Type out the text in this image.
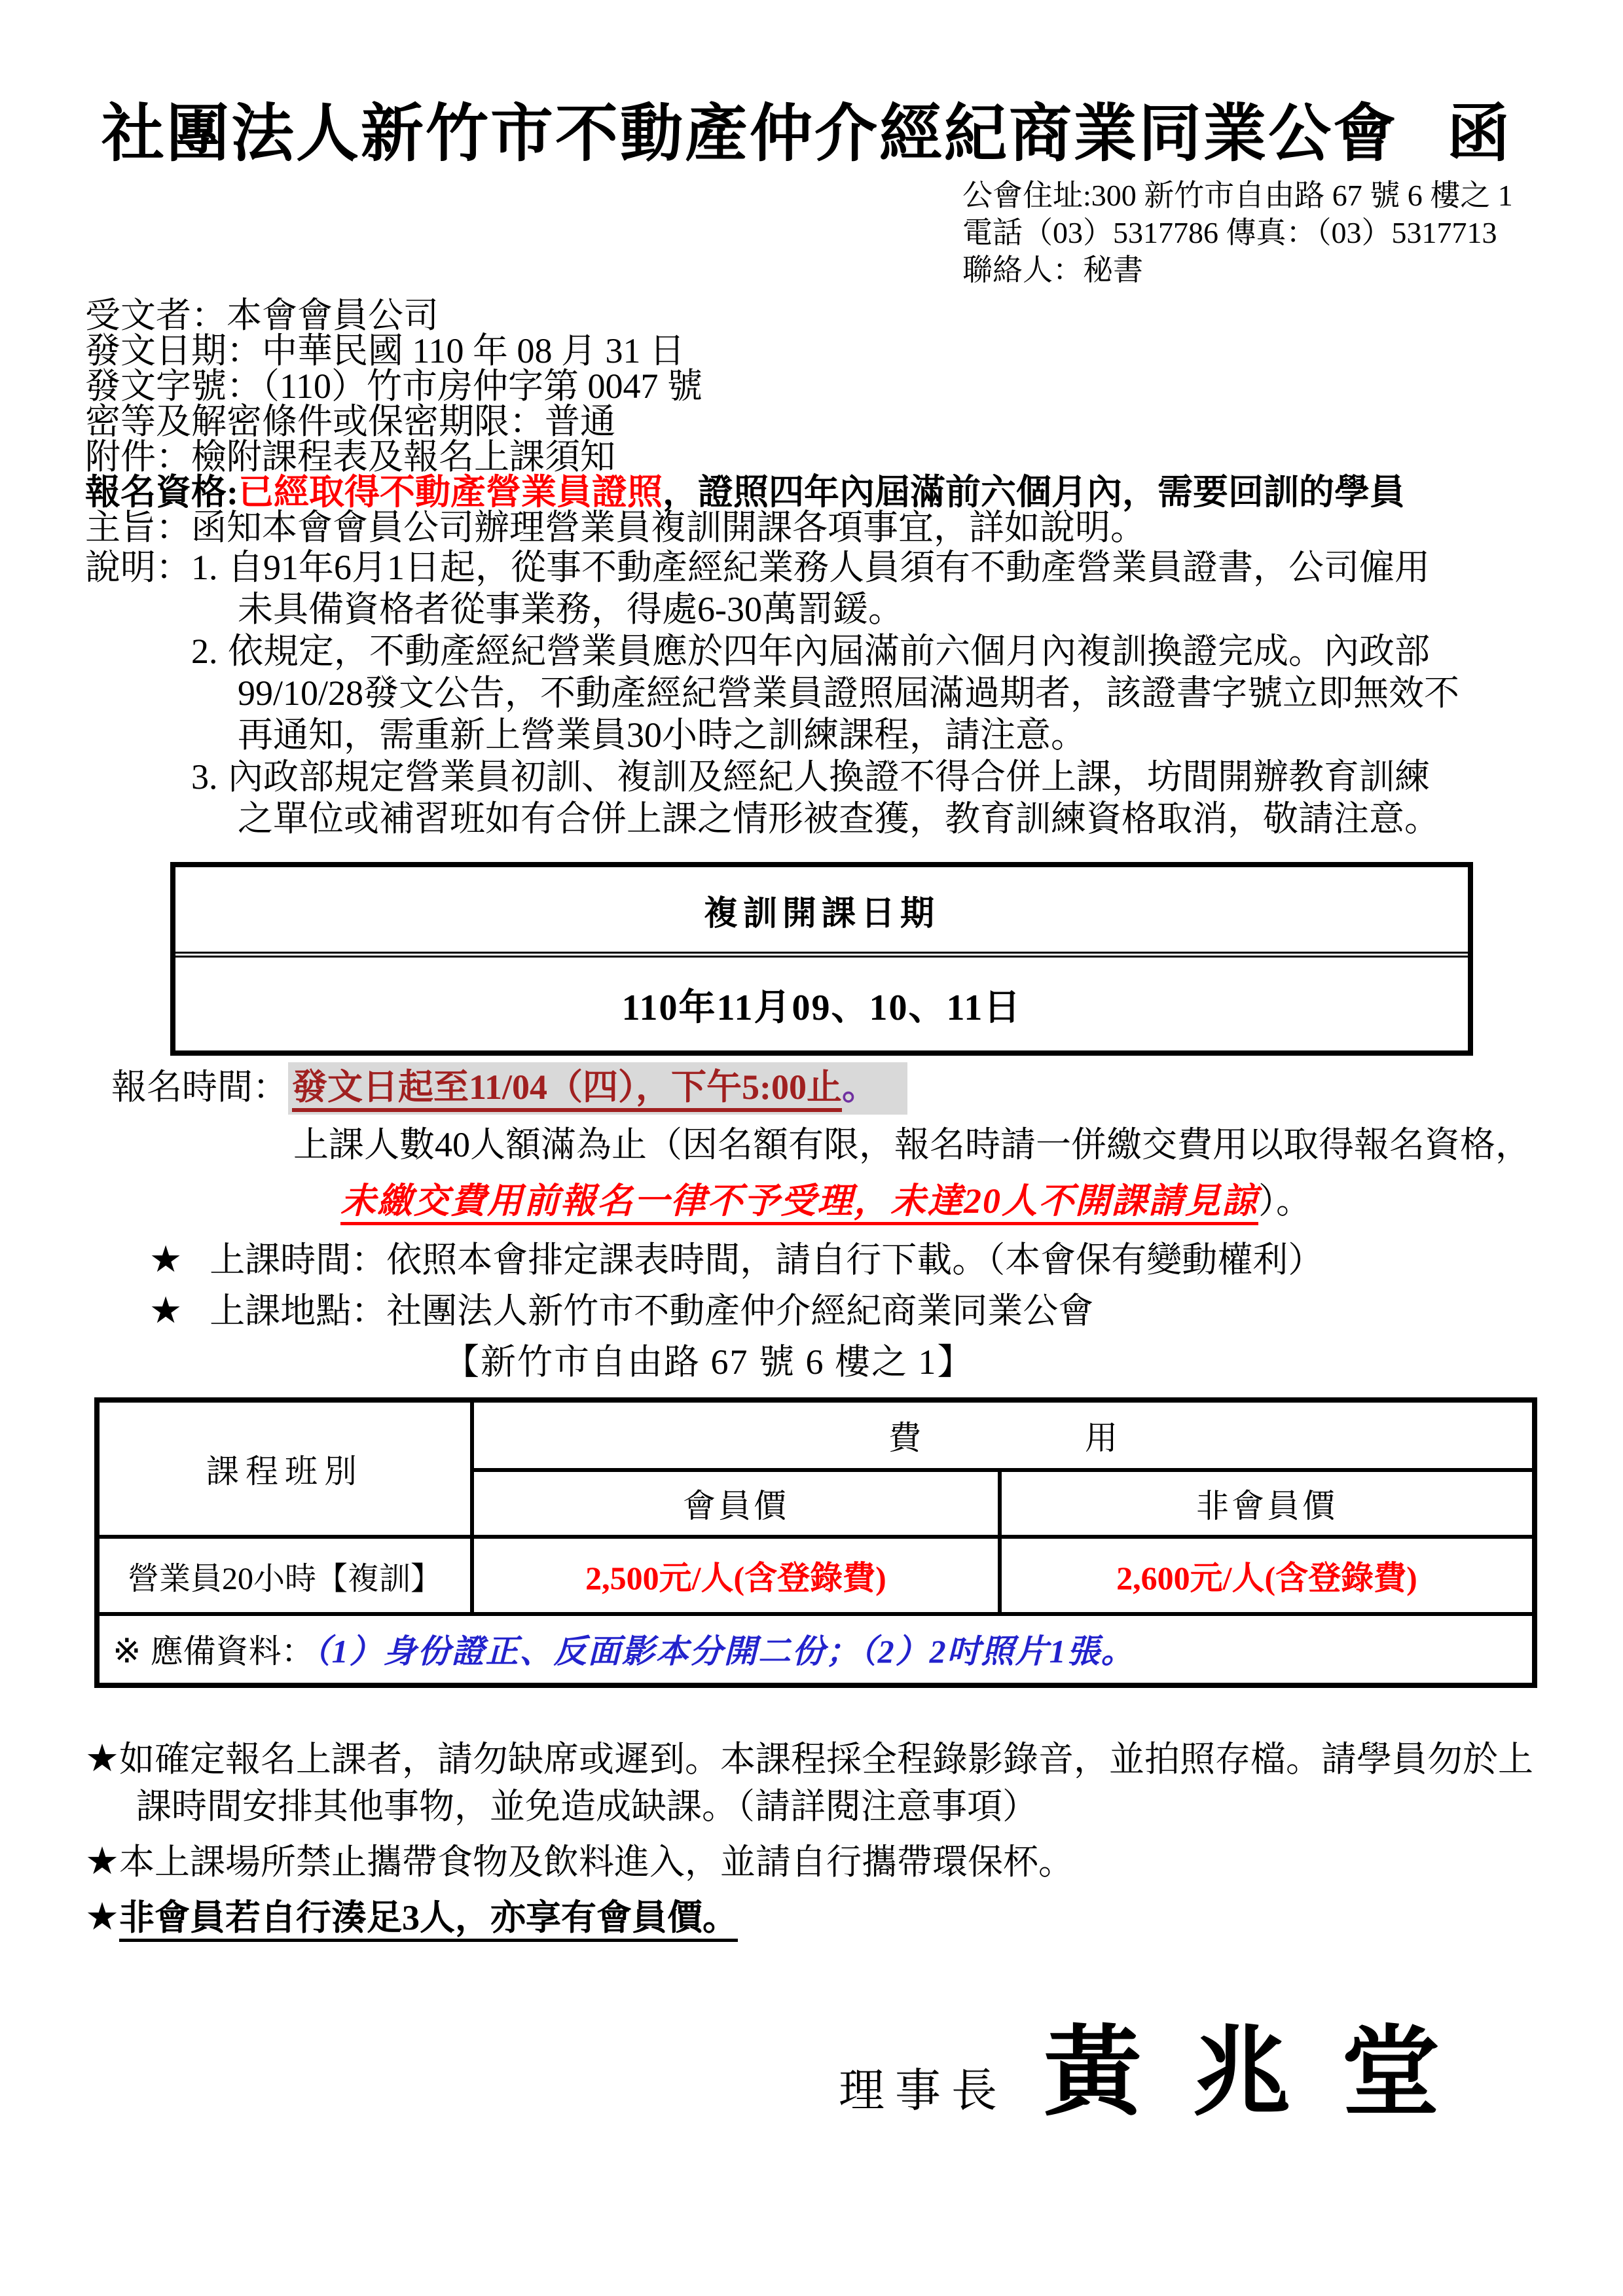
社團法人新竹市不動產仲介經紀商業同業公會 函
公會住址:300 新竹市自由路 67 號 6 樓之 1
電話（03）5317786 傳真：（03）5317713
聯絡人：秘書
受文者：本會會員公司
發文日期：中華民國 110 年 08 月 31 日
發文字號：（110）竹市房仲字第 0047 號
密等及解密條件或保密期限：普通
附件：檢附課程表及報名上課須知
報名資格:已經取得不動產營業員證照，證照四年內屆滿前六個月內，需要回訓的學員
主旨：函知本會會員公司辦理營業員複訓開課各項事宜，詳如說明。
說明： 1. 自91年6月1日起，從事不動產經紀業務人員須有不動產營業員證書，公司僱用
未具備資格者從事業務，得處6-30萬罰鍰。
2. 依規定，不動產經紀營業員應於四年內屆滿前六個月內複訓換證完成。內政部
99/10/28發文公告，不動產經紀營業員證照屆滿過期者，該證書字號立即無效不
再通知，需重新上營業員30小時之訓練課程，請注意。
3. 內政部規定營業員初訓、複訓及經紀人換證不得合併上課，坊間開辦教育訓練
之單位或補習班如有合併上課之情形被查獲，教育訓練資格取消，敬請注意。
複訓開課日期
110年11月09、10、11日
報名時間： 發文日起至11/04（四），下午5:00止。
上課人數40人額滿為止（因名額有限，報名時請一併繳交費用以取得報名資格，
未繳交費用前報名一律不予受理，未達20人不開課請見諒）。
★ 上課時間：依照本會排定課表時間，請自行下載。（本會保有變動權利）
★ 上課地點：社團法人新竹市不動產仲介經紀商業同業公會
【新竹市自由路 67 號 6 樓之 1】
課程班別	費　　　　　用	
	會員價	非會員價
營業員20小時【複訓】	2,500元/人(含登錄費)	2,600元/人(含登錄費)
※ 應備資料：（1）身份證正、反面影本分開二份；（2）2吋照片1張。		
★如確定報名上課者，請勿缺席或遲到。本課程採全程錄影錄音，並拍照存檔。請學員勿於上
課時間安排其他事物，並免造成缺課。（請詳閱注意事項）
★本上課場所禁止攜帶食物及飲料進入，並請自行攜帶環保杯。
★非會員若自行湊足3人，亦享有會員價。
理事長 黃 兆 堂
